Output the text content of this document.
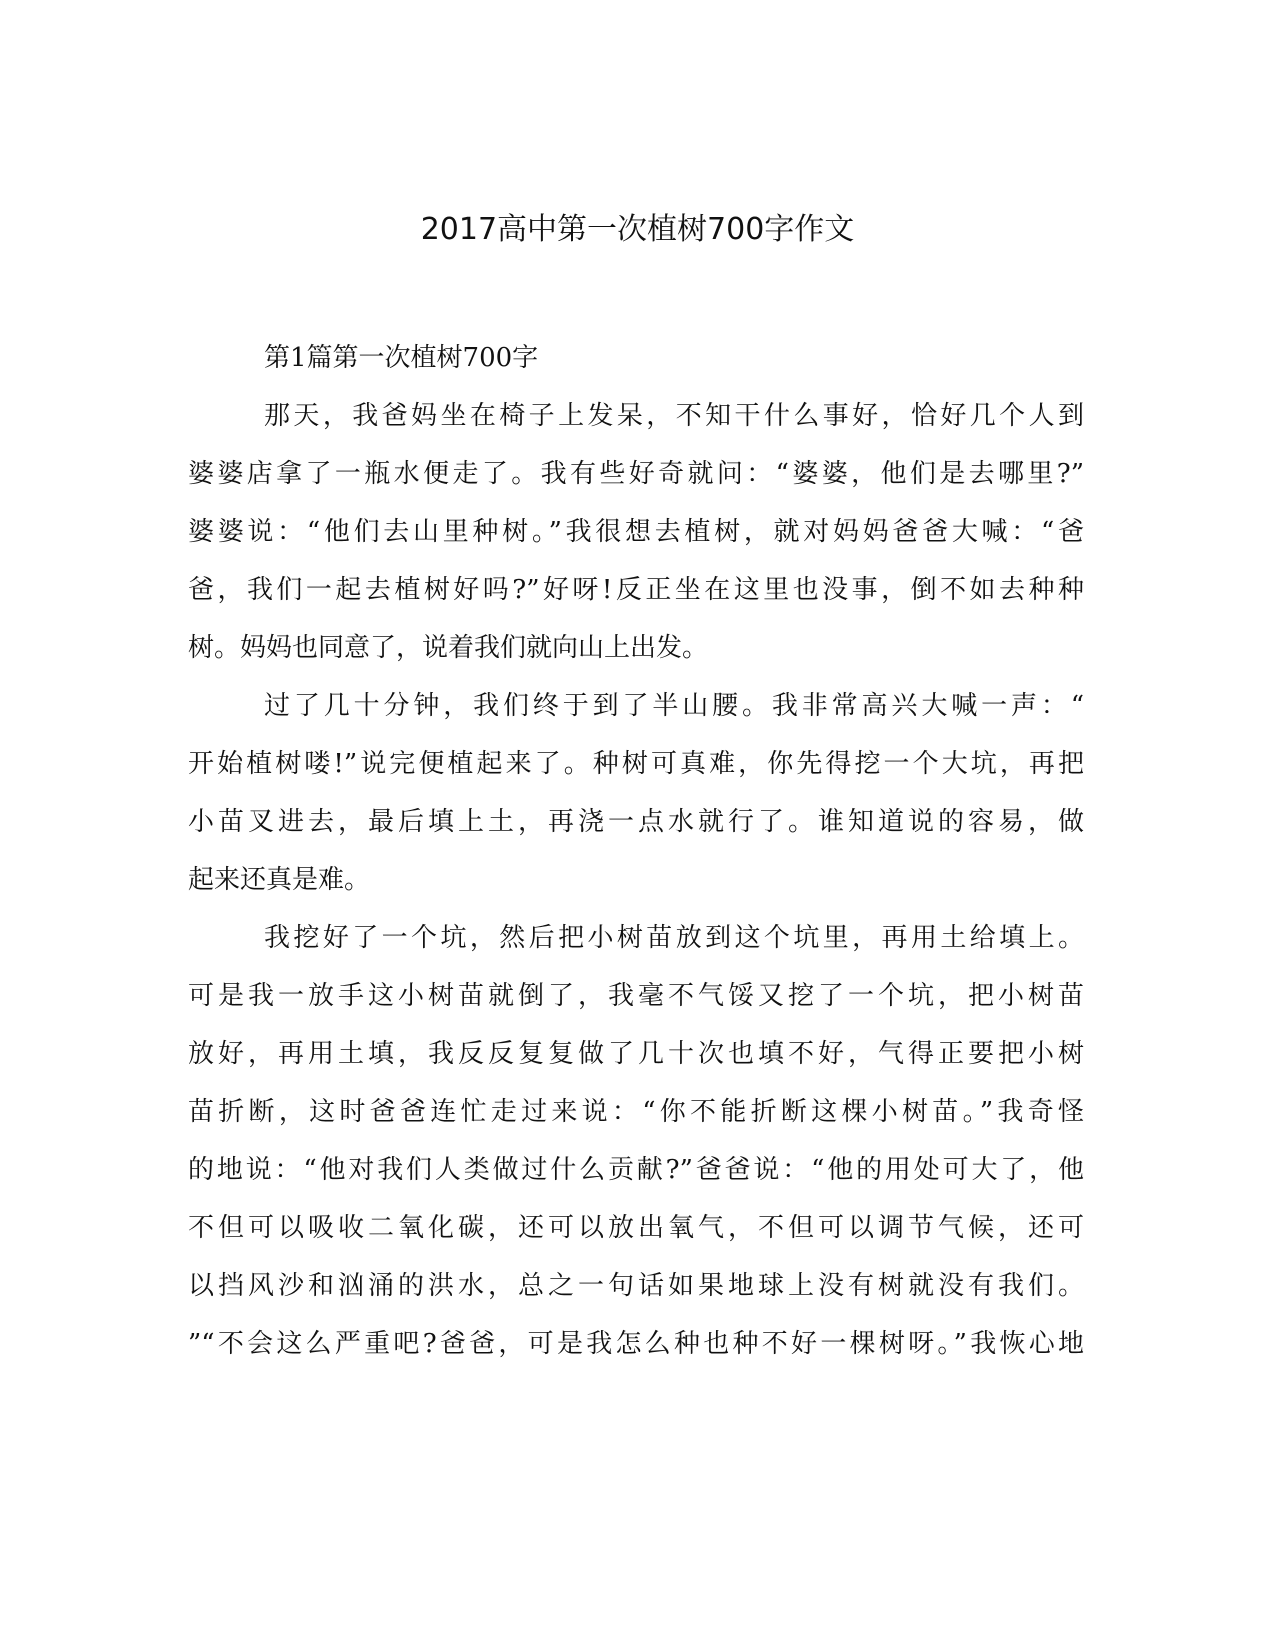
2017高中第一次植树700字作文

第1篇第一次植树700字

那天，我爸妈坐在椅子上发呆，不知干什么事好，恰好几个人到
婆婆店拿了一瓶水便走了。我有些好奇就问：“婆婆，他们是去哪里?”
婆婆说：“他们去山里种树。”我很想去植树，就对妈妈爸爸大喊：“爸
爸，我们一起去植树好吗?”好呀!反正坐在这里也没事，倒不如去种种
树。妈妈也同意了，说着我们就向山上出发。
过了几十分钟，我们终于到了半山腰。我非常高兴大喊一声：“
开始植树喽!”说完便植起来了。种树可真难，你先得挖一个大坑，再把
小苗叉进去，最后填上土，再浇一点水就行了。谁知道说的容易，做
起来还真是难。
我挖好了一个坑，然后把小树苗放到这个坑里，再用土给填上。
可是我一放手这小树苗就倒了，我毫不气馁又挖了一个坑，把小树苗
放好，再用土填，我反反复复做了几十次也填不好，气得正要把小树
苗折断，这时爸爸连忙走过来说：“你不能折断这棵小树苗。”我奇怪
的地说：“他对我们人类做过什么贡献?”爸爸说：“他的用处可大了，他
不但可以吸收二氧化碳，还可以放出氧气，不但可以调节气候，还可
以挡风沙和汹涌的洪水，总之一句话如果地球上没有树就没有我们。
”“不会这么严重吧?爸爸，可是我怎么种也种不好一棵树呀。”我恢心地
